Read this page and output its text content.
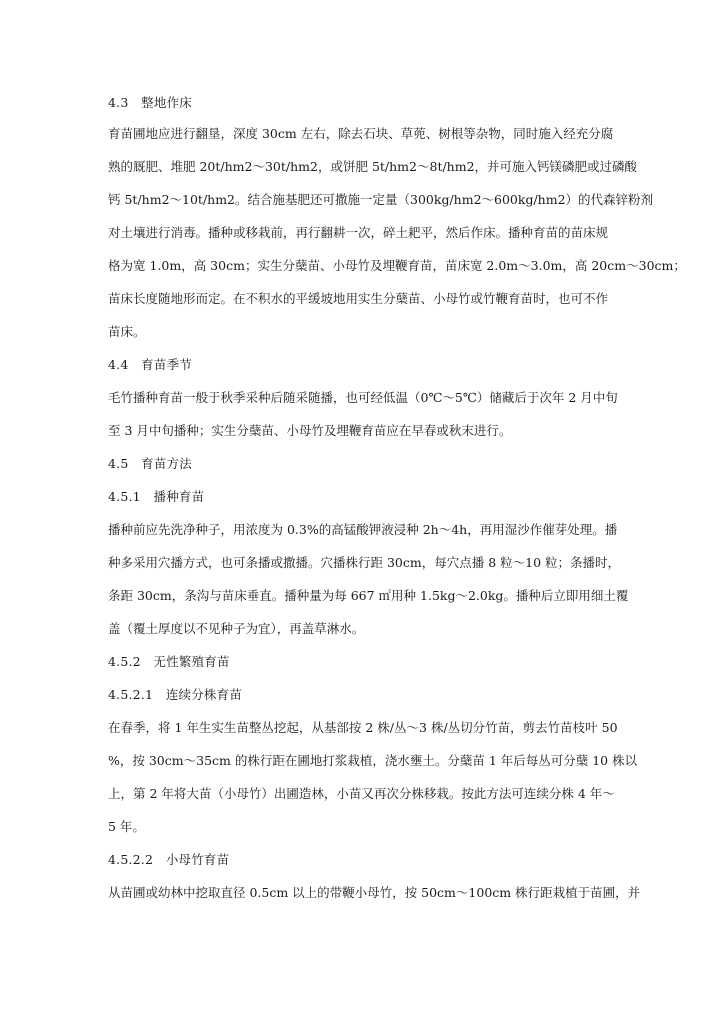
4.3　整地作床
育苗圃地应进行翻垦，深度 30cm 左右，除去石块、草蔸、树根等杂物，同时施入经充分腐
熟的厩肥、堆肥 20t/hm2～30t/hm2，或饼肥 5t/hm2～8t/hm2，并可施入钙镁磷肥或过磷酸
钙 5t/hm2～10t/hm2。结合施基肥还可撒施一定量（300kg/hm2～600kg/hm2）的代森锌粉剂
对土壤进行消毒。播种或移栽前，再行翻耕一次，碎土耙平，然后作床。播种育苗的苗床规
格为宽 1.0m，高 30cm；实生分蘖苗、小母竹及埋鞭育苗，苗床宽 2.0m～3.0m，高 20cm～30cm；
苗床长度随地形而定。在不积水的平缓坡地用实生分蘖苗、小母竹或竹鞭育苗时，也可不作
苗床。
4.4　育苗季节
毛竹播种育苗一般于秋季采种后随采随播，也可经低温（0℃～5℃）储藏后于次年 2 月中旬
至 3 月中旬播种；实生分蘖苗、小母竹及埋鞭育苗应在早春或秋末进行。
4.5　育苗方法
4.5.1　播种育苗
播种前应先洗净种子，用浓度为 0.3%的高锰酸钾液浸种 2h～4h，再用湿沙作催芽处理。播
种多采用穴播方式，也可条播或撒播。穴播株行距 30cm，每穴点播 8 粒～10 粒；条播时，
条距 30cm，条沟与苗床垂直。播种量为每 667 ㎡用种 1.5kg～2.0kg。播种后立即用细土覆
盖（覆土厚度以不见种子为宜），再盖草淋水。
4.5.2　无性繁殖育苗
4.5.2.1　连续分株育苗
在春季，将 1 年生实生苗整丛挖起，从基部按 2 株/丛～3 株/丛切分竹苗，剪去竹苗枝叶 50
%，按 30cm～35cm 的株行距在圃地打浆栽植，浇水壅土。分蘖苗 1 年后每丛可分蘖 10 株以
上，第 2 年将大苗（小母竹）出圃造林，小苗又再次分株移栽。按此方法可连续分株 4 年～
5 年。
4.5.2.2　小母竹育苗
从苗圃或幼林中挖取直径 0.5cm 以上的带鞭小母竹，按 50cm～100cm 株行距栽植于苗圃，并
